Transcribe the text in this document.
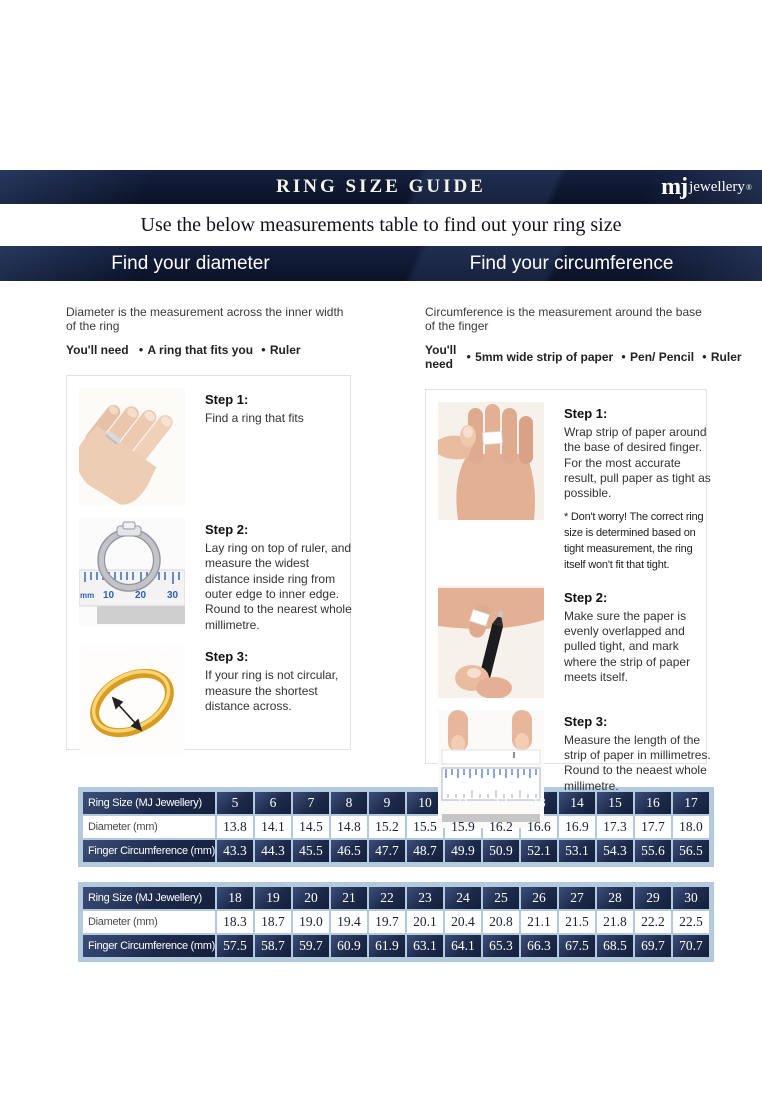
RING SIZE GUIDE	mj jewellery ®
Use the below measurements table to find out your ring size
Find your diameter	Find your circumference
Diameter is the measurement across the inner width of the ring
You'll need	● A ring that fits you	● Ruler
Step 1:
Find a ring that fits
mm 10 20 30
Step 2:
Lay ring on top of ruler, and measure the widest distance inside ring from outer edge to inner edge. Round to the nearest whole millimetre.
Step 3:
If your ring is not circular, measure the shortest distance across.
Circumference is the measurement around the base of the finger
You'll need	● 5mm wide strip of paper	● Pen/ Pencil	● Ruler
Step 1:
Wrap strip of paper around the base of desired finger. For the most accurate result, pull paper as tight as possible.
* Don't worry! The correct ring size is determined based on tight measurement, the ring itself won't fit that tight.
Step 2:
Make sure the paper is evenly overlapped and pulled tight, and mark where the strip of paper meets itself.
Step 3:
Measure the length of the strip of paper in millimetres. Round to the neaest whole millimetre.
Ring Size (MJ Jewellery)	5	6	7	8	9	10	11	12	13	14	15	16	17
Diameter (mm)	13.8	14.1	14.5	14.8	15.2	15.5	15.9	16.2	16.6	16.9	17.3	17.7	18.0
Finger Circumference (mm)	43.3	44.3	45.5	46.5	47.7	48.7	49.9	50.9	52.1	53.1	54.3	55.6	56.5
Ring Size (MJ Jewellery)	18	19	20	21	22	23	24	25	26	27	28	29	30
Diameter (mm)	18.3	18.7	19.0	19.4	19.7	20.1	20.4	20.8	21.1	21.5	21.8	22.2	22.5
Finger Circumference (mm)	57.5	58.7	59.7	60.9	61.9	63.1	64.1	65.3	66.3	67.5	68.5	69.7	70.7
